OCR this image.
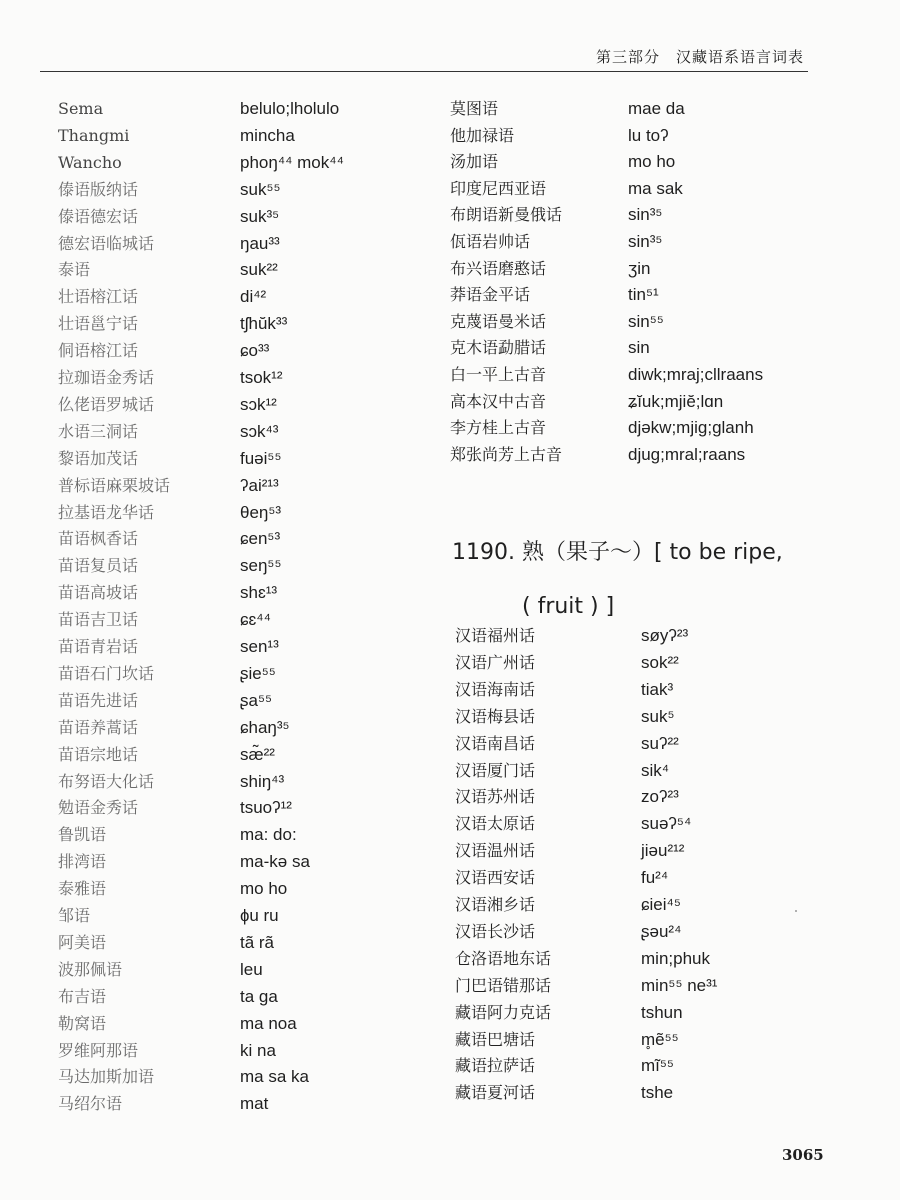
第三部分　汉藏语系语言词表
Sema	belulo;lholulo
Thangmi	mincha
Wancho	phoŋ⁴⁴ mok⁴⁴
傣语版纳话	suk⁵⁵
傣语德宏话	suk³⁵
德宏语临城话	ŋau³³
泰语	suk²²
壮语榕江话	di⁴²
壮语邕宁话	tʃhŭk³³
侗语榕江话	ɕo³³
拉珈语金秀话	tsok¹²
仫佬语罗城话	sɔk¹²
水语三洞话	sɔk⁴³
黎语加茂话	fuəi⁵⁵
普标语麻栗坡话	ʔai²¹³
拉基语龙华话	θeŋ⁵³
苗语枫香话	ɕen⁵³
苗语复员话	seŋ⁵⁵
苗语高坡话	shɛ¹³
苗语吉卫话	ɕɛ⁴⁴
苗语青岩话	sen¹³
苗语石门坎话	ʂie⁵⁵
苗语先进话	ʂa⁵⁵
苗语养蒿话	ɕhaŋ³⁵
苗语宗地话	sæ̃²²
布努语大化话	shiŋ⁴³
勉语金秀话	tsuoʔ¹²
鲁凯语	ma: do:
排湾语	ma-kə sa
泰雅语	mo ho
邹语	ɸu ru
阿美语	tã rã
波那佩语	leu
布吉语	ta ga
勒窝语	ma noa
罗维阿那语	ki na
马达加斯加语	ma sa ka
马绍尔语	mat
莫图语	mae da
他加禄语	lu toʔ
汤加语	mo ho
印度尼西亚语	ma sak
布朗语新曼俄话	sin³⁵
佤语岩帅话	sin³⁵
布兴语磨憨话	ʒin
莽语金平话	tin⁵¹
克蔑语曼米话	sin⁵⁵
克木语勐腊话	sin
白一平上古音	diwk;mraj;cllraans
高本汉中古音	ʑĭuk;mjiĕ;lɑn
李方桂上古音	djəkw;mjig;glanh
郑张尚芳上古音	djug;mral;raans
1190. 熟（果子～）[ to be ripe,
( fruit ) ]
汉语福州话	søyʔ²³
汉语广州话	sok²²
汉语海南话	tiak³
汉语梅县话	suk⁵
汉语南昌话	suʔ²²
汉语厦门话	sik⁴
汉语苏州话	zoʔ²³
汉语太原话	suəʔ⁵⁴
汉语温州话	jiəu²¹²
汉语西安话	fu²⁴
汉语湘乡话	ɕiei⁴⁵
汉语长沙话	ʂəu²⁴
仓洛语地东话	min;phuk
门巴语错那话	min⁵⁵ ne³¹
藏语阿力克话	tshun
藏语巴塘话	m̥ẽ⁵⁵
藏语拉萨话	mĩ⁵⁵
藏语夏河话	tshe
3065
